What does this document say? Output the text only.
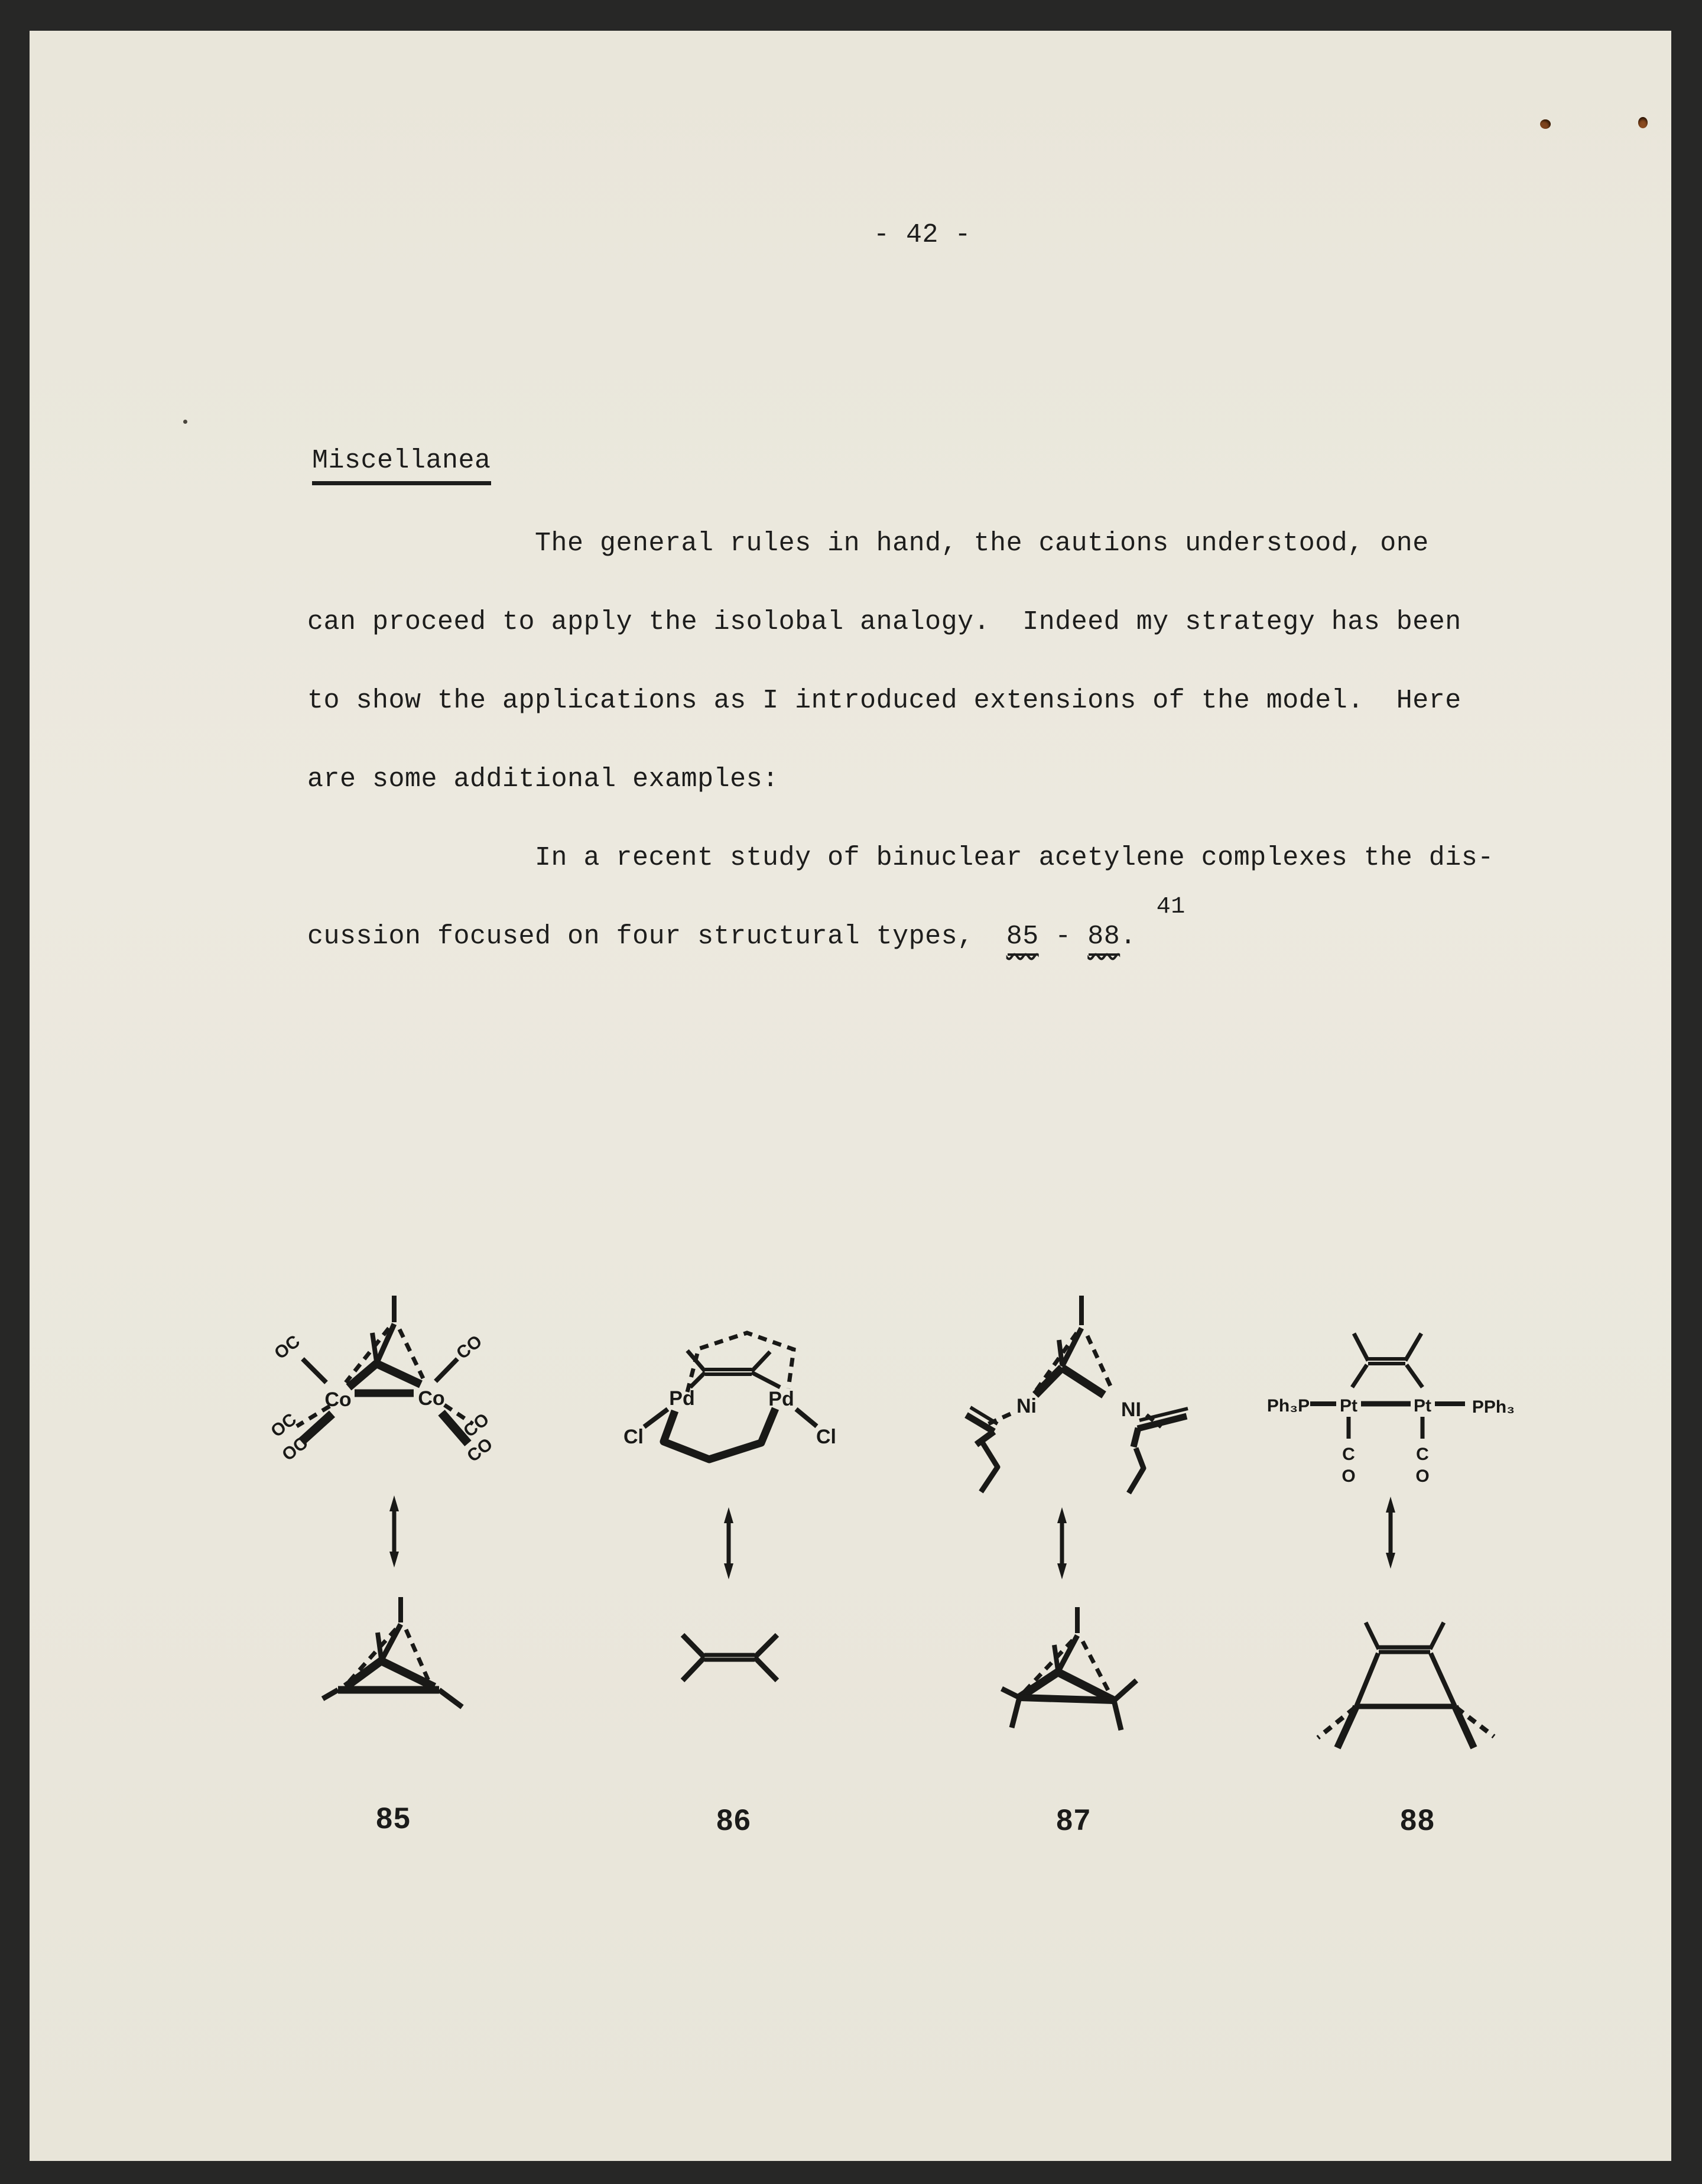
- 42 -
Miscellanea
The general rules in hand, the cautions understood, one
can proceed to apply the isolobal analogy.  Indeed my strategy has been
to show the applications as I introduced extensions of the model.  Here
are some additional examples:
In a recent study of binuclear acetylene complexes the dis-
cussion focused on four structural types,  85 - 88.41
Co	Co
OC	CO
OC
OC
CO
CO
Pd	Pd
Cl	Cl
Ni	NI	Ph₃P Pt	Pt PPh₃
C
O
C
O
85	86	87	88
